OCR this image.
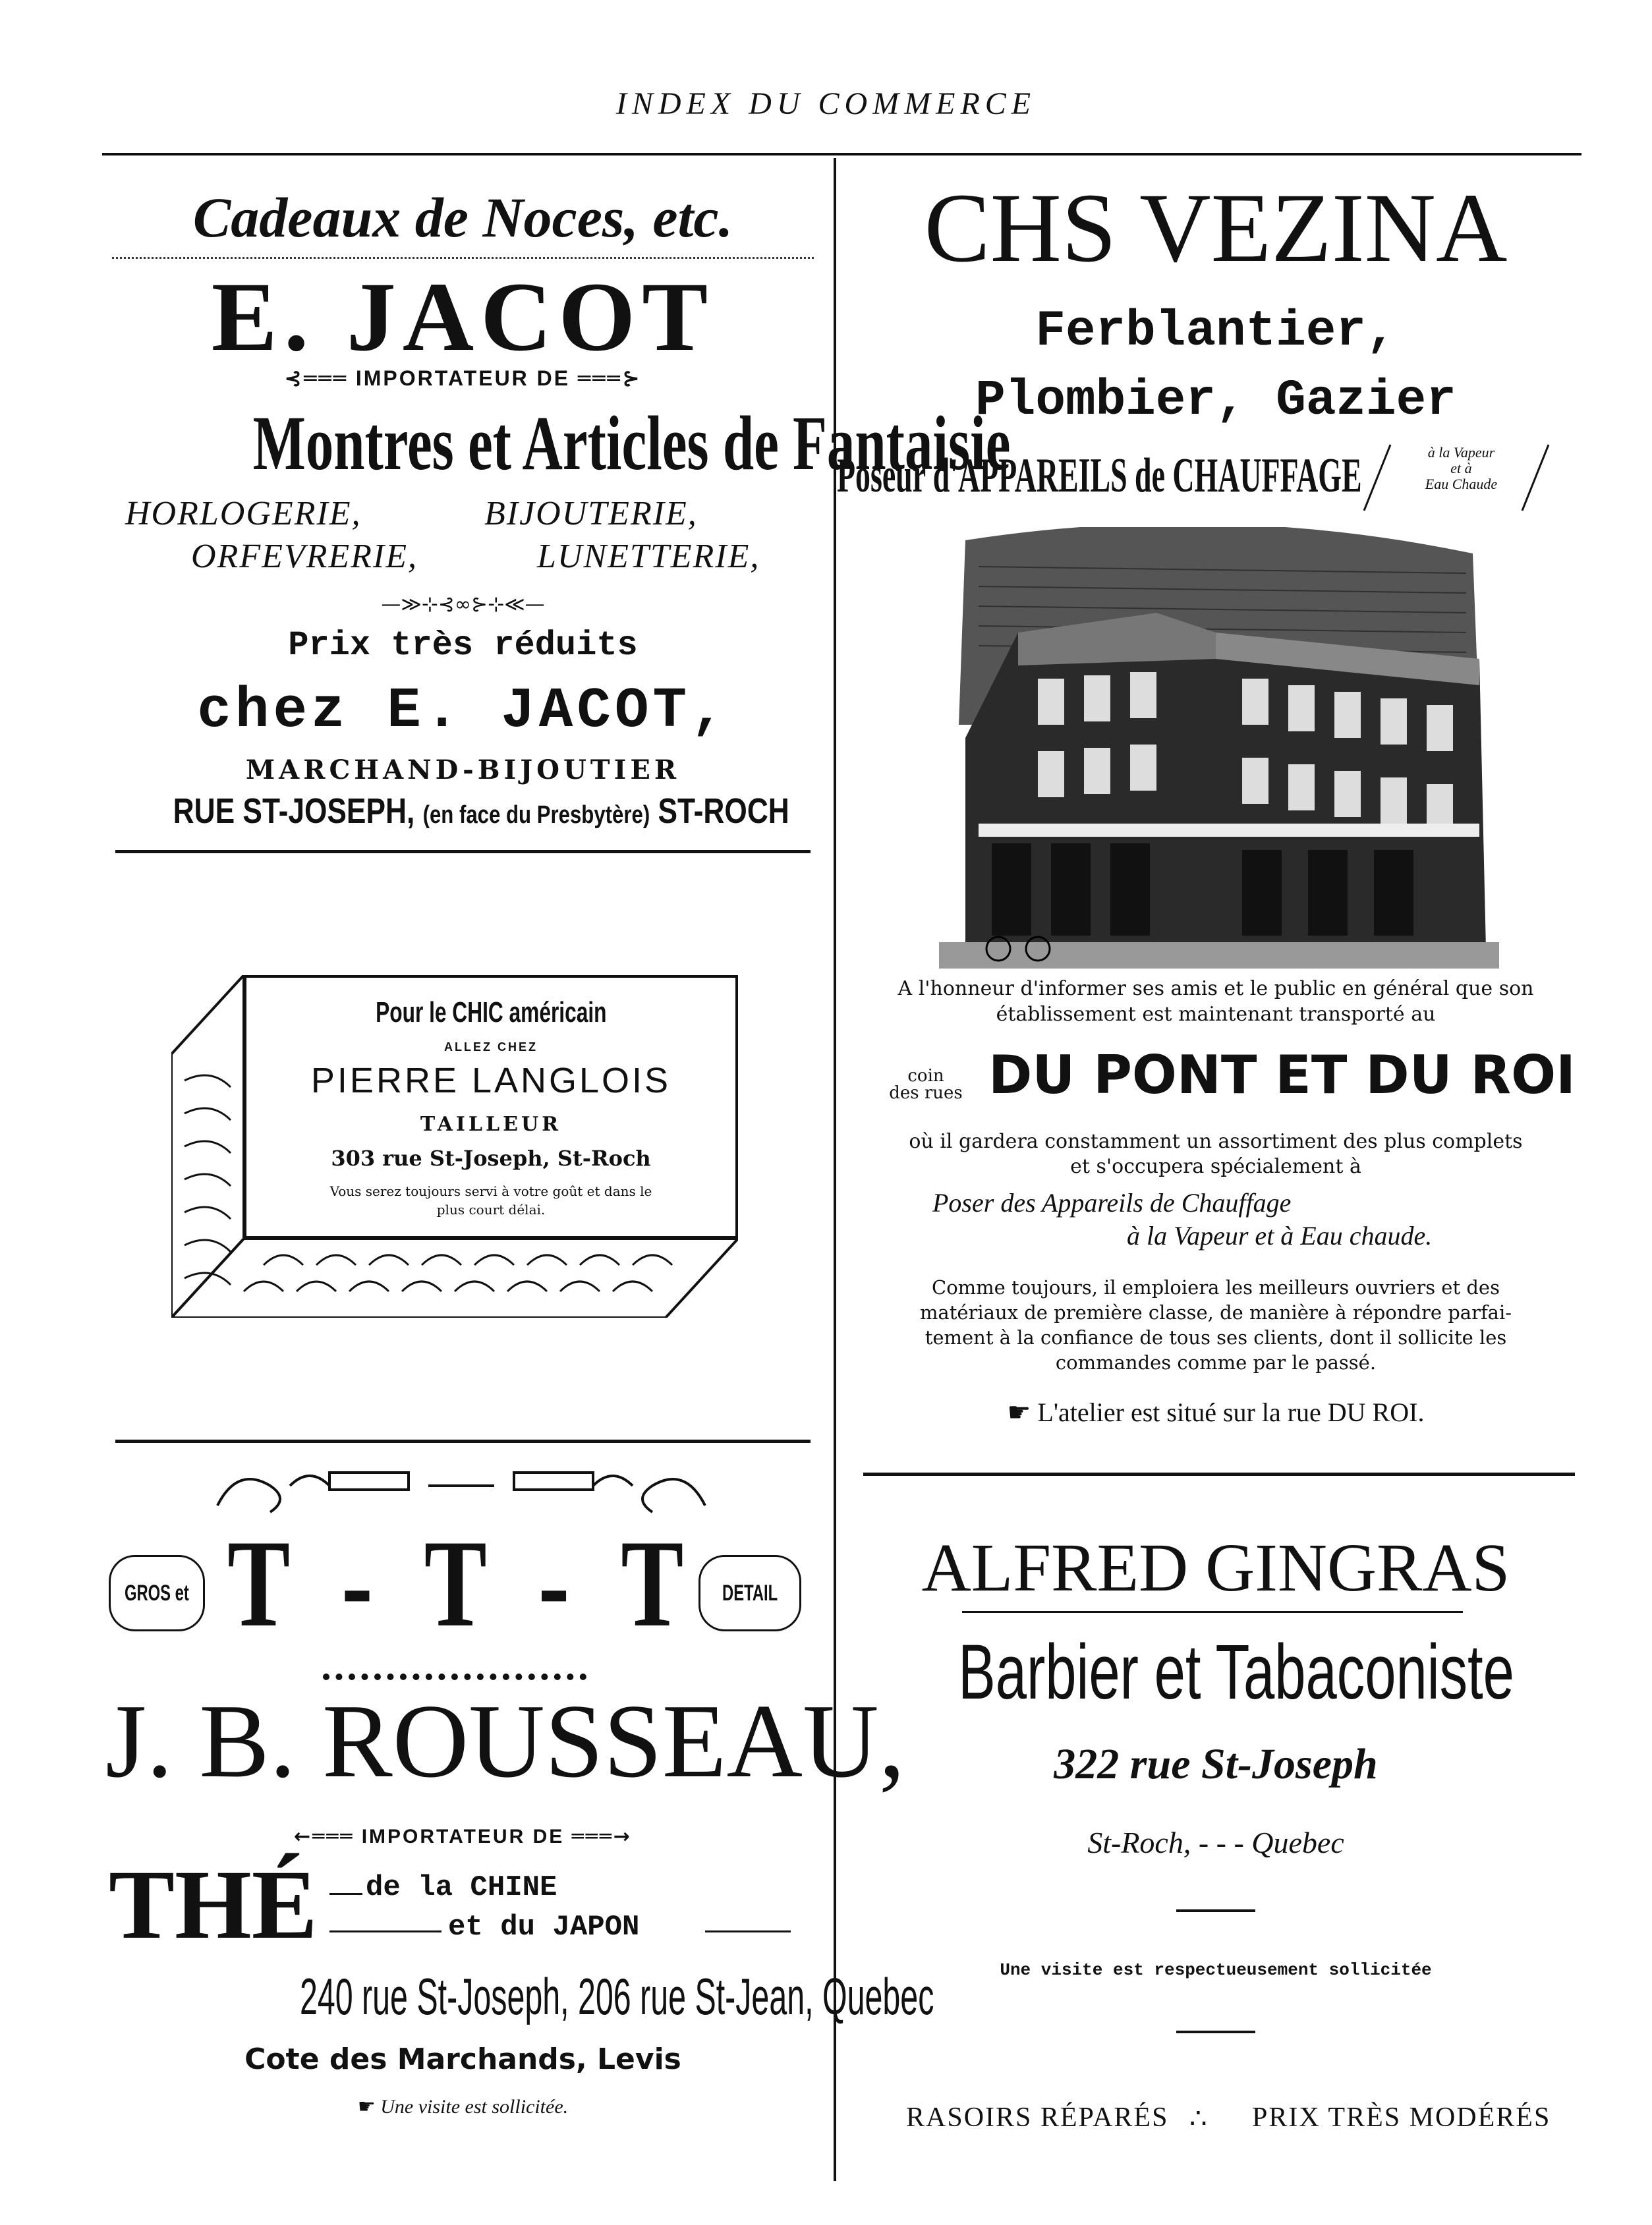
INDEX DU COMMERCE
Cadeaux de Noces, etc.
E. JACOT
⊰═══ IMPORTATEUR DE ═══⊱
Montres et Articles de Fantaisie
HORLOGERIE,	BIJOUTERIE,
ORFEVRERIE,	LUNETTERIE,
—≫⊹⊰∞⊱⊹≪—
Prix très réduits
chez E. JACOT,
MARCHAND-BIJOUTIER
RUE ST-JOSEPH, (en face du Presbytère) ST-ROCH
Pour le CHIC américain
ALLEZ CHEZ
PIERRE LANGLOIS
TAILLEUR
303 rue St-Joseph, St-Roch
Vous serez toujours servi à votre goût et dans le
plus court délai.
GROS et	DETAIL
T - T - T
J. B. ROUSSEAU,
←═══ IMPORTATEUR DE ═══→
THÉ de la CHINE
et du JAPON
240 rue St-Joseph, 206 rue St-Jean, Quebec
Cote des Marchands, Levis
☛ Une visite est sollicitée.
CHS VEZINA
Ferblantier,
Plombier, Gazier
Poseur d'APPAREILS de CHAUFFAGE	à la Vapeur
et à
Eau Chaude
A l'honneur d'informer ses amis et le public en général que son
établissement est maintenant transporté au
coin
des rues DU PONT ET DU ROI
où il gardera constamment un assortiment des plus complets
et s'occupera spécialement à
Poser des Appareils de Chauffage
à la Vapeur et à Eau chaude.
Comme toujours, il emploiera les meilleurs ouvriers et des
matériaux de première classe, de manière à répondre parfai-
tement à la confiance de tous ses clients, dont il sollicite les
commandes comme par le passé.
☛ L'atelier est situé sur la rue DU ROI.
ALFRED GINGRAS
Barbier et Tabaconiste
322 rue St-Joseph
St-Roch, - - - Quebec
Une visite est respectueusement sollicitée
RASOIRS RÉPARÉS ∴ PRIX TRÈS MODÉRÉS
